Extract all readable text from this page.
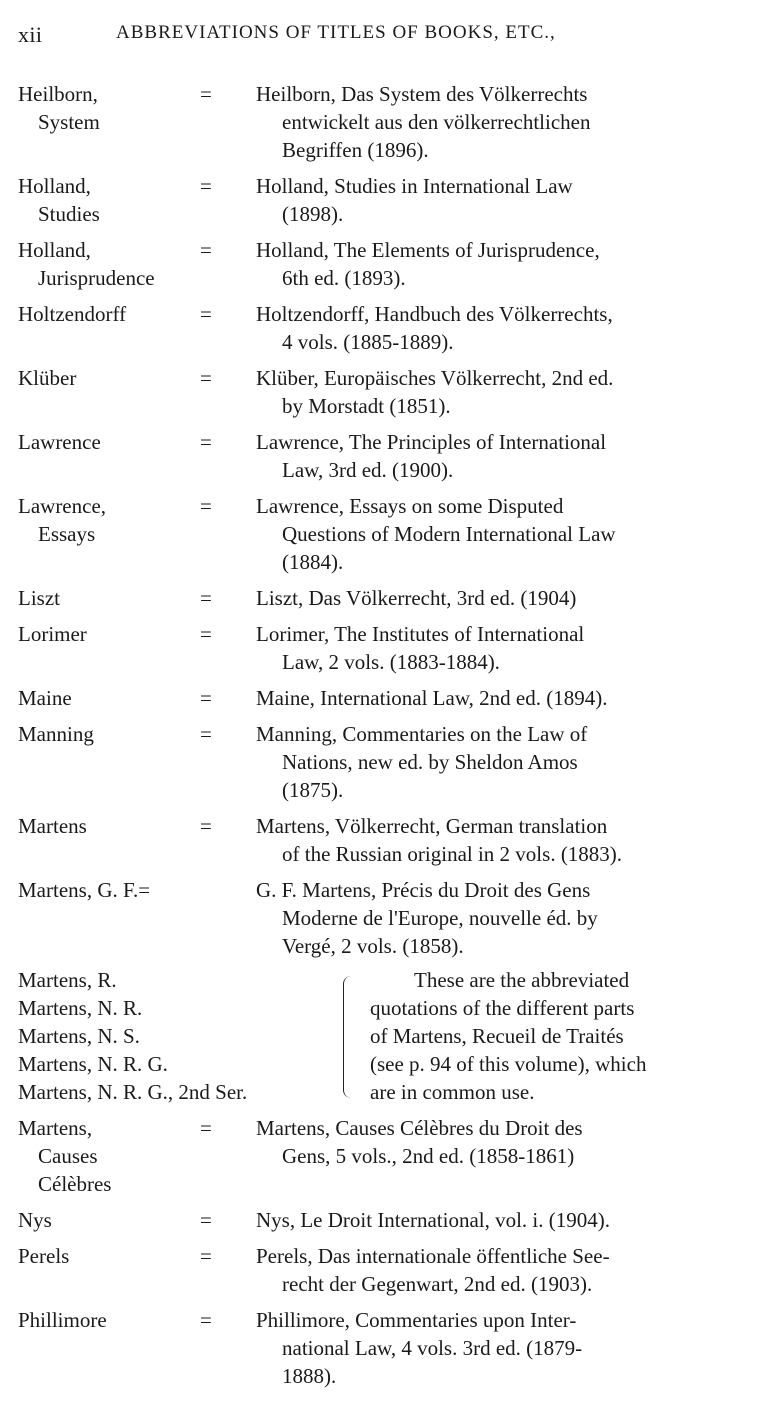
xii	ABBREVIATIONS OF TITLES OF BOOKS, ETC.,
Heilborn,
System
=	Heilborn, Das System des Völkerrechts
entwickelt aus den völkerrechtlichen
Begriffen (1896).
Holland,
Studies
=	Holland, Studies in International Law
(1898).
Holland,
Jurisprudence
=	Holland, The Elements of Jurisprudence,
6th ed. (1893).
Holtzendorff	=	Holtzendorff, Handbuch des Völkerrechts,
4 vols. (1885-1889).
Klüber	=	Klüber, Europäisches Völkerrecht, 2nd ed.
by Morstadt (1851).
Lawrence	=	Lawrence, The Principles of International
Law, 3rd ed. (1900).
Lawrence,
Essays
=	Lawrence, Essays on some Disputed
Questions of Modern International Law
(1884).
Liszt	=	Liszt, Das Völkerrecht, 3rd ed. (1904)
Lorimer	=	Lorimer, The Institutes of International
Law, 2 vols. (1883-1884).
Maine	=	Maine, International Law, 2nd ed. (1894).
Manning	=	Manning, Commentaries on the Law of
Nations, new ed. by Sheldon Amos
(1875).
Martens	=	Martens, Völkerrecht, German translation
of the Russian original in 2 vols. (1883).
Martens, G. F.=	G. F. Martens, Précis du Droit des Gens
Moderne de l'Europe, nouvelle éd. by
Vergé, 2 vols. (1858).
Martens, R.
Martens, N. R.
Martens, N. S.
Martens, N. R. G.
Martens, N. R. G., 2nd Ser.
These are the abbreviated
quotations of the different parts
of Martens, Recueil de Traités
(see p. 94 of this volume), which
are in common use.
Martens,
Causes
Célèbres
=	Martens, Causes Célèbres du Droit des
Gens, 5 vols., 2nd ed. (1858-1861)
Nys	=	Nys, Le Droit International, vol. i. (1904).
Perels	=	Perels, Das internationale öffentliche See-
recht der Gegenwart, 2nd ed. (1903).
Phillimore	=	Phillimore, Commentaries upon Inter-
national Law, 4 vols. 3rd ed. (1879-
1888).
